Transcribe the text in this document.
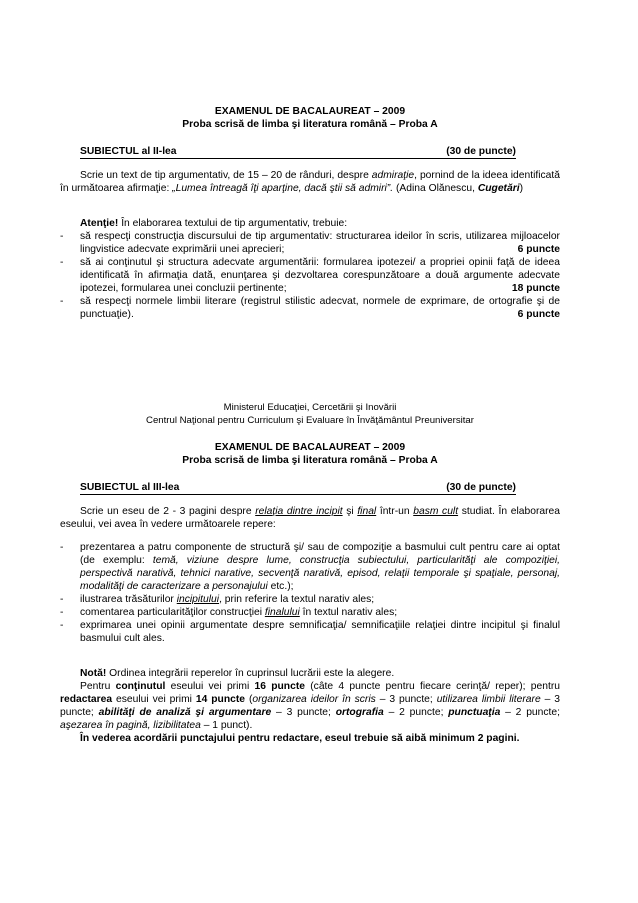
EXAMENUL DE BACALAUREAT – 2009
Proba scrisă de limba şi literatura română – Proba A
SUBIECTUL al II-lea	(30 de puncte)

Scrie un text de tip argumentativ, de 15 – 20 de rânduri, despre admiraţie, pornind de la ideea identificată în următoarea afirmaţie: „Lumea întreagă îţi aparţine, dacă ştii să admiri”. (Adina Olănescu, Cugetări)

Atenţie! În elaborarea textului de tip argumentativ, trebuie:

- să respecţi construcţia discursului de tip argumentativ: structurarea ideilor în scris, utilizarea mijloacelor lingvistice adecvate exprimării unei aprecieri;	6 puncte
- să ai conţinutul şi structura adecvate argumentării: formularea ipotezei/ a propriei opinii faţă de ideea identificată în afirmaţia dată, enunţarea şi dezvoltarea corespunzătoare a două argumente adecvate ipotezei, formularea unei concluzii pertinente;	18 puncte
- să respecţi normele limbii literare (registrul stilistic adecvat, normele de exprimare, de ortografie şi de punctuaţie).	6 puncte
Ministerul Educaţiei, Cercetării şi Inovării
Centrul Naţional pentru Curriculum şi Evaluare în Învăţământul Preuniversitar
EXAMENUL DE BACALAUREAT – 2009
Proba scrisă de limba şi literatura română – Proba A
SUBIECTUL al III-lea	(30 de puncte)

Scrie un eseu de 2 - 3 pagini despre relaţia dintre incipit şi final într-un basm cult studiat. În elaborarea eseului, vei avea în vedere următoarele repere:

- prezentarea a patru componente de structură şi/ sau de compoziţie a basmului cult pentru care ai optat (de exemplu: temă, viziune despre lume, construcţia subiectului, particularităţi ale compoziţiei, perspectivă narativă, tehnici narative, secvenţă narativă, episod, relaţii temporale şi spaţiale, personaj, modalităţi de caracterizare a personajului etc.);
- ilustrarea trăsăturilor incipitului, prin referire la textul narativ ales;
- comentarea particularităţilor construcţiei finalului în textul narativ ales;
- exprimarea unei opinii argumentate despre semnificaţia/ semnificaţiile relaţiei dintre incipitul şi finalul basmului cult ales.

Notă! Ordinea integrării reperelor în cuprinsul lucrării este la alegere.

Pentru conţinutul eseului vei primi 16 puncte (câte 4 puncte pentru fiecare cerinţă/ reper); pentru redactarea eseului vei primi 14 puncte (organizarea ideilor în scris – 3 puncte; utilizarea limbii literare – 3 puncte; abilităţi de analiză şi argumentare – 3 puncte; ortografia – 2 puncte; punctuaţia – 2 puncte; aşezarea în pagină, lizibilitatea – 1 punct).

În vederea acordării punctajului pentru redactare, eseul trebuie să aibă minimum 2 pagini.
